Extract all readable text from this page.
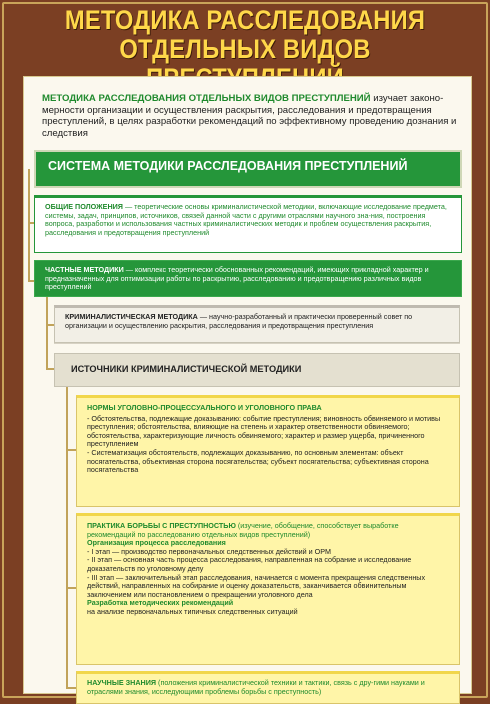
МЕТОДИКА РАССЛЕДОВАНИЯ
ОТДЕЛЬНЫХ ВИДОВ
МЕТОДИКА РАССЛЕДОВАНИЯ ОТДЕЛЬНЫХ ВИДОВ ПРЕСТУПЛЕНИЙ изучает законо-мерности организации и осуществления раскрытия, расследования и предотвращения преступлений, в целях разработки рекомендаций по эффективному проведению дознания и следствия
СИСТЕМА МЕТОДИКИ РАССЛЕДОВАНИЯ ПРЕСТУПЛЕНИЙ

ОБЩИЕ ПОЛОЖЕНИЯ — теоретические основы криминалистической методики, включающие исследование предмета, системы, задач, принципов, источников, связей данной части с другими отраслями научного зна-ния, построения вопроса, разработки и использования частных криминалистических методик и проблем осуществления раскрытия, расследования и предотвращения преступлений

ЧАСТНЫЕ МЕТОДИКИ — комплекс теоретически обоснованных рекомендаций, имеющих прикладной характер и предназначенных для оптимизации работы по раскрытию, расследованию и предотвращению различных видов преступлений

КРИМИНАЛИСТИЧЕСКАЯ МЕТОДИКА — научно-разработанный и практически проверенный совет по организации и осуществлению раскрытия, расследования и предотвращения преступления

ИСТОЧНИКИ КРИМИНАЛИСТИЧЕСКОЙ МЕТОДИКИ

НОРМЫ УГОЛОВНО-ПРОЦЕССУАЛЬНОГО И УГОЛОВНОГО ПРАВА

- Обстоятельства, подлежащие доказыванию: событие преступления; виновность обвиняемого и мотивы преступления; обстоятельства, влияющие на степень и характер ответственности обвиняемого; обстоятельства, характеризующие личность обвиняемого; характер и размер ущерба, причиненного преступлением

- Систематизация обстоятельств, подлежащих доказыванию, по основным элементам: объект посягательства, объективная сторона посягательства; субъект посягательства; субъективная сторона посягательства

ПРАКТИКА БОРЬБЫ С ПРЕСТУПНОСТЬЮ (изучение, обобщение, способствует выработке рекомендаций по расследованию отдельных видов преступлений)

Организация процесса расследования

- I этап — производство первоначальных следственных действий и ОРМ

- II этап — основная часть процесса расследования, направленная на собрание и исследование доказательств по уголовному делу

- III этап — заключительный этап расследования, начинается с момента прекращения следственных действий, направленных на собирание и оценку доказательств, заканчивается обвинительным заключением или постановлением о прекращении уголовного дела

Разработка методических рекомендаций

на анализе первоначальных типичных следственных ситуаций

НАУЧНЫЕ ЗНАНИЯ (положения криминалистической техники и тактики, связь с дру-гими науками и отраслями знания, исследующими проблемы борьбы с преступность)
